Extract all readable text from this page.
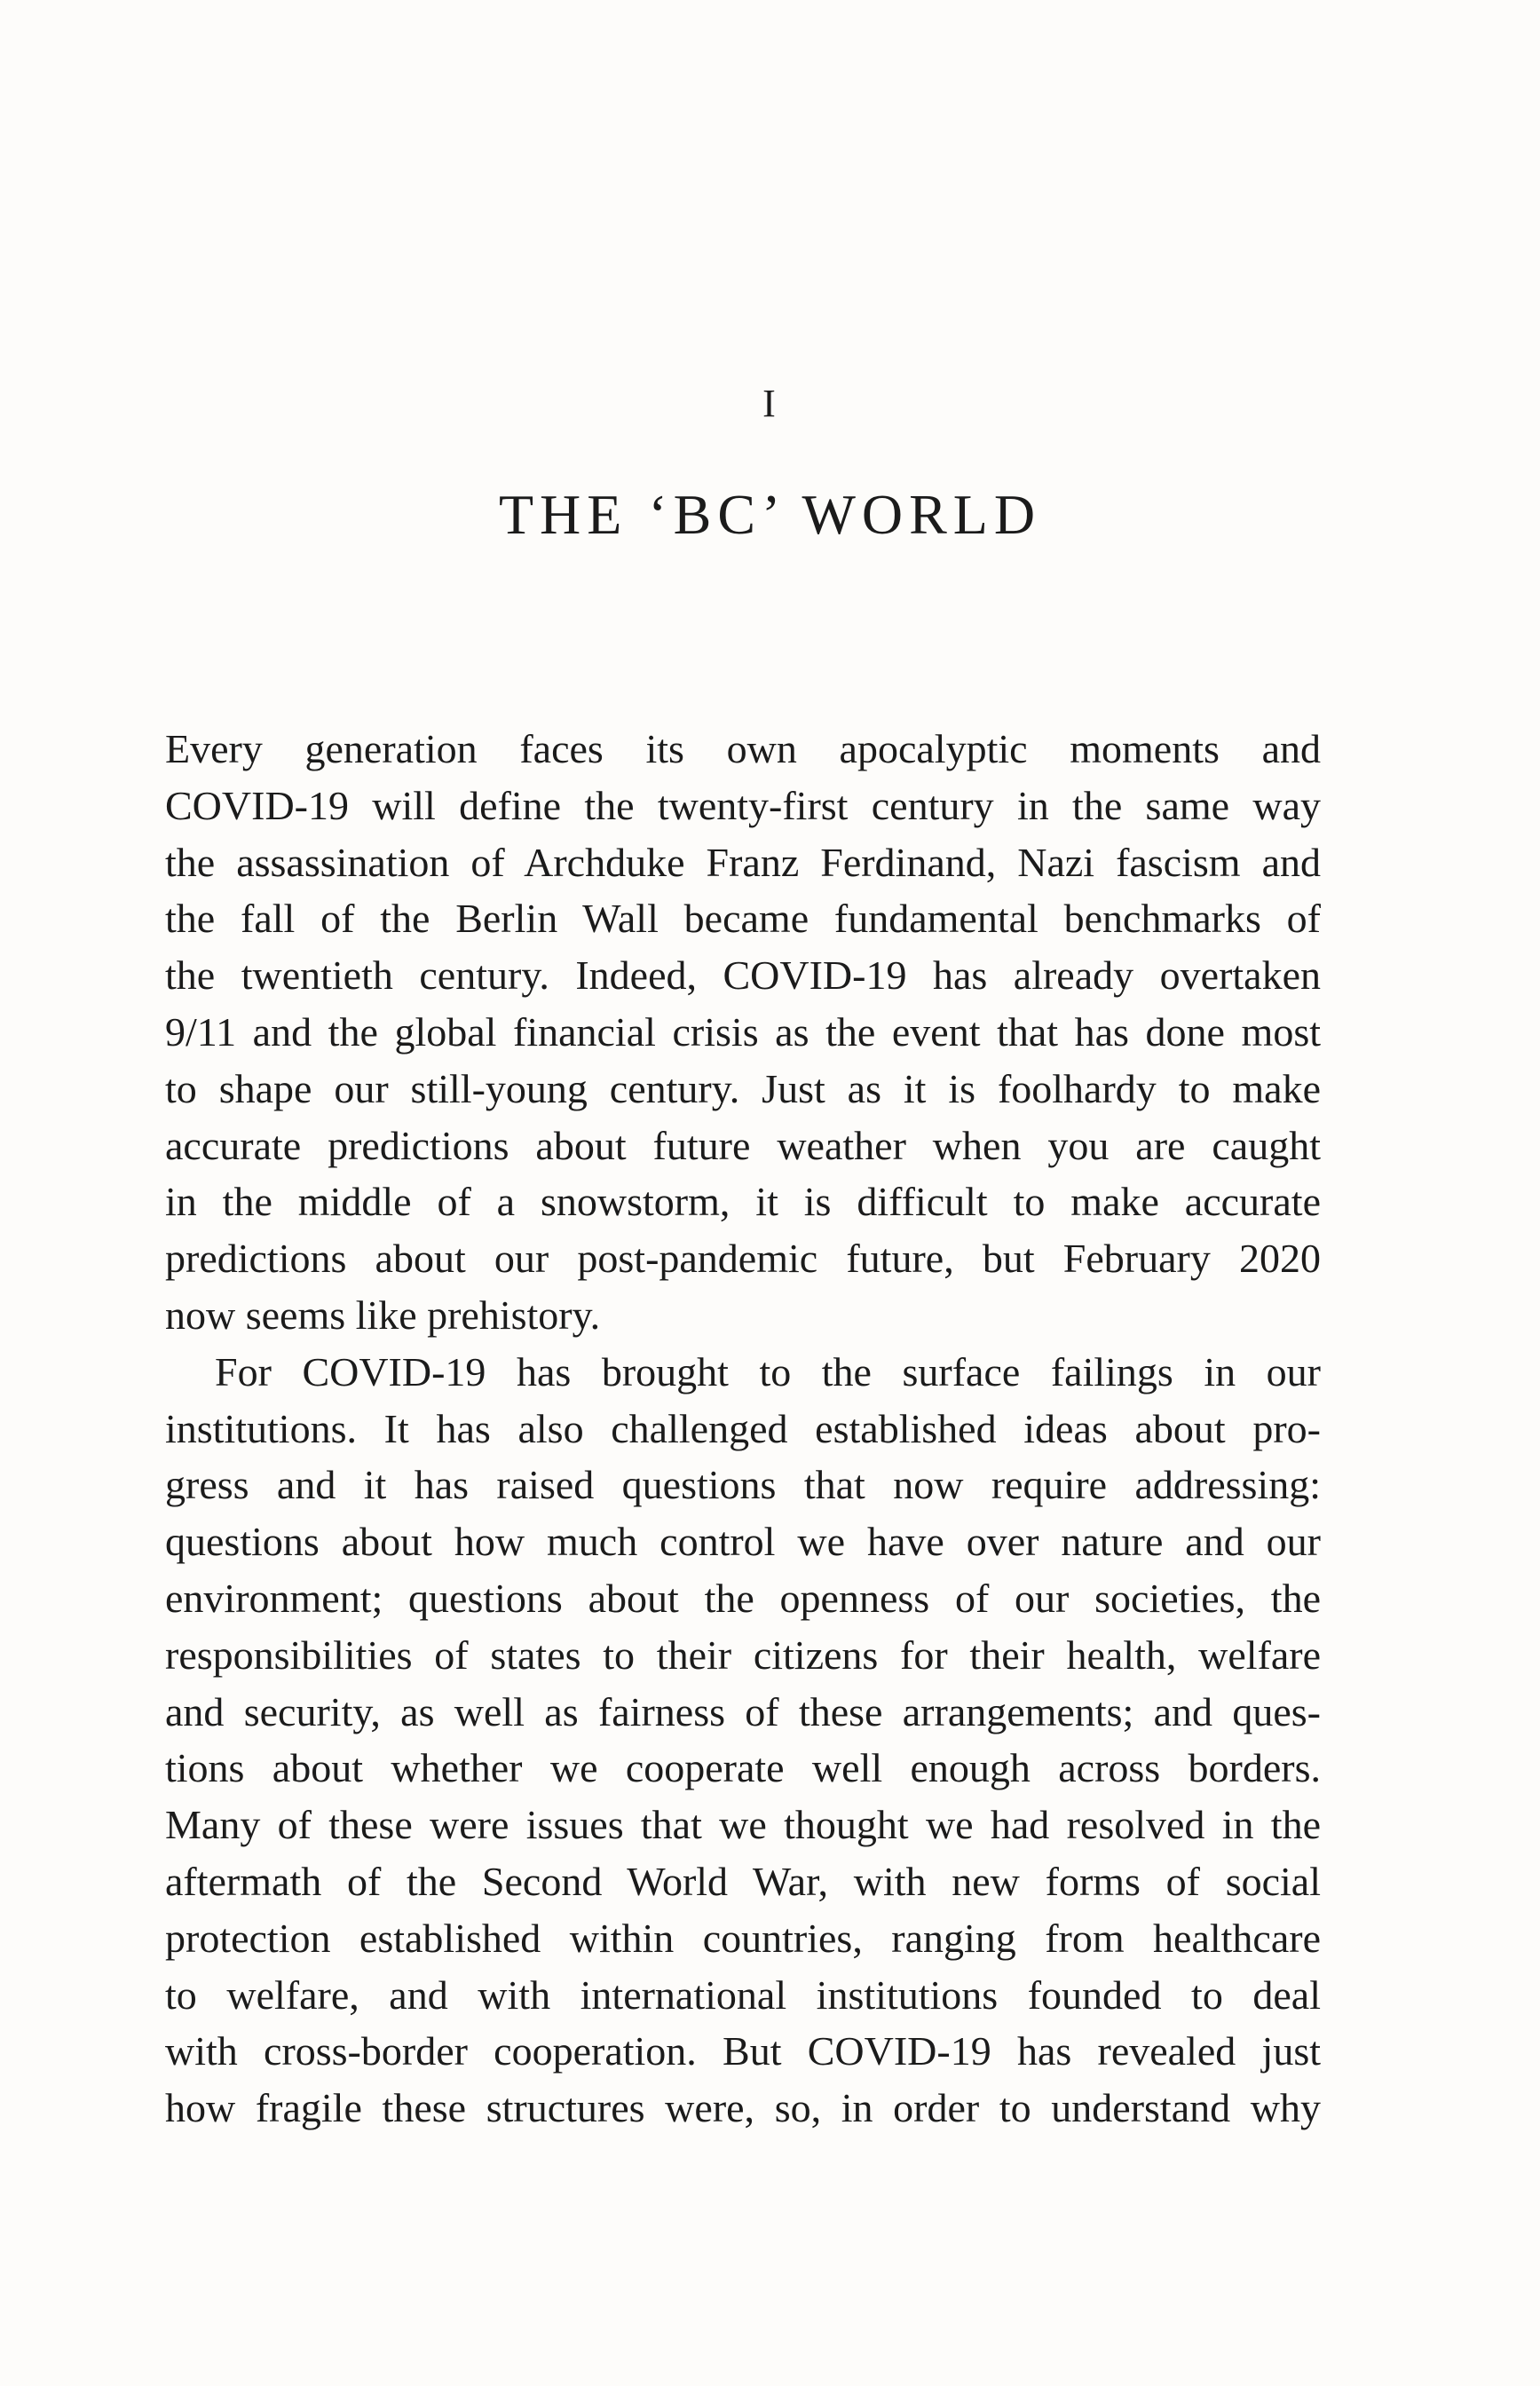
I
THE ‘BC’ WORLD
Every generation faces its own apocalyptic moments and
COVID-19 will define the twenty-first century in the same way
the assassination of Archduke Franz Ferdinand, Nazi fascism and
the fall of the Berlin Wall became fundamental benchmarks of
the twentieth century. Indeed, COVID-19 has already overtaken
9/11 and the global financial crisis as the event that has done most
to shape our still-young century. Just as it is foolhardy to make
accurate predictions about future weather when you are caught
in the middle of a snowstorm, it is difficult to make accurate
predictions about our post-pandemic future, but February 2020
now seems like prehistory.
For COVID-19 has brought to the surface failings in our
institutions. It has also challenged established ideas about pro-
gress and it has raised questions that now require addressing:
questions about how much control we have over nature and our
environment; questions about the openness of our societies, the
responsibilities of states to their citizens for their health, welfare
and security, as well as fairness of these arrangements; and ques-
tions about whether we cooperate well enough across borders.
Many of these were issues that we thought we had resolved in the
aftermath of the Second World War, with new forms of social
protection established within countries, ranging from healthcare
to welfare, and with international institutions founded to deal
with cross-border cooperation. But COVID-19 has revealed just
how fragile these structures were, so, in order to understand why
